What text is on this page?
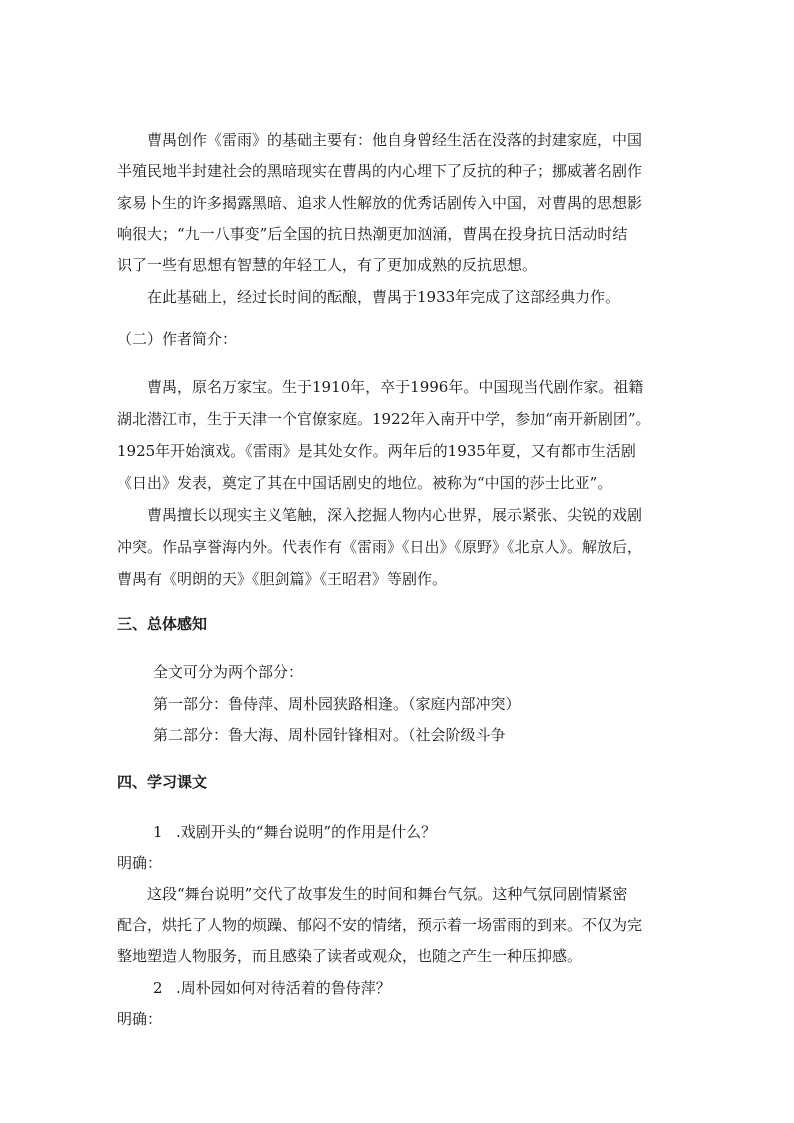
曹禺创作《雷雨》的基础主要有：他自身曾经生活在没落的封建家庭，中国
半殖民地半封建社会的黑暗现实在曹禺的内心埋下了反抗的种子；挪威著名剧作
家易卜生的许多揭露黑暗、追求人性解放的优秀话剧传入中国，对曹禺的思想影
响很大；“九一八事变”后全国的抗日热潮更加汹涌，曹禺在投身抗日活动时结
识了一些有思想有智慧的年轻工人，有了更加成熟的反抗思想。
在此基础上，经过长时间的酝酿，曹禺于1933年完成了这部经典力作。
（二）作者简介：
曹禺，原名万家宝。生于1910年，卒于1996年。中国现当代剧作家。祖籍
湖北潜江市，生于天津一个官僚家庭。1922年入南开中学，参加“南开新剧团”。
1925年开始演戏。《雷雨》是其处女作。两年后的1935年夏，又有都市生活剧
《日出》发表，奠定了其在中国话剧史的地位。被称为“中国的莎士比亚”。
曹禺擅长以现实主义笔触，深入挖掘人物内心世界，展示紧张、尖锐的戏剧
冲突。作品享誉海内外。代表作有《雷雨》《日出》《原野》《北京人》。解放后，
曹禺有《明朗的天》《胆剑篇》《王昭君》等剧作。
三、总体感知
全文可分为两个部分：
第一部分：鲁侍萍、周朴园狭路相逢。（家庭内部冲突）
第二部分：鲁大海、周朴园针锋相对。（社会阶级斗争
四、学习课文
1 .戏剧开头的“舞台说明”的作用是什么？
明确：
这段“舞台说明”交代了故事发生的时间和舞台气氛。这种气氛同剧情紧密
配合，烘托了人物的烦躁、郁闷不安的情绪，预示着一场雷雨的到来。不仅为完
整地塑造人物服务，而且感染了读者或观众，也随之产生一种压抑感。
2 .周朴园如何对待活着的鲁侍萍？
明确：
